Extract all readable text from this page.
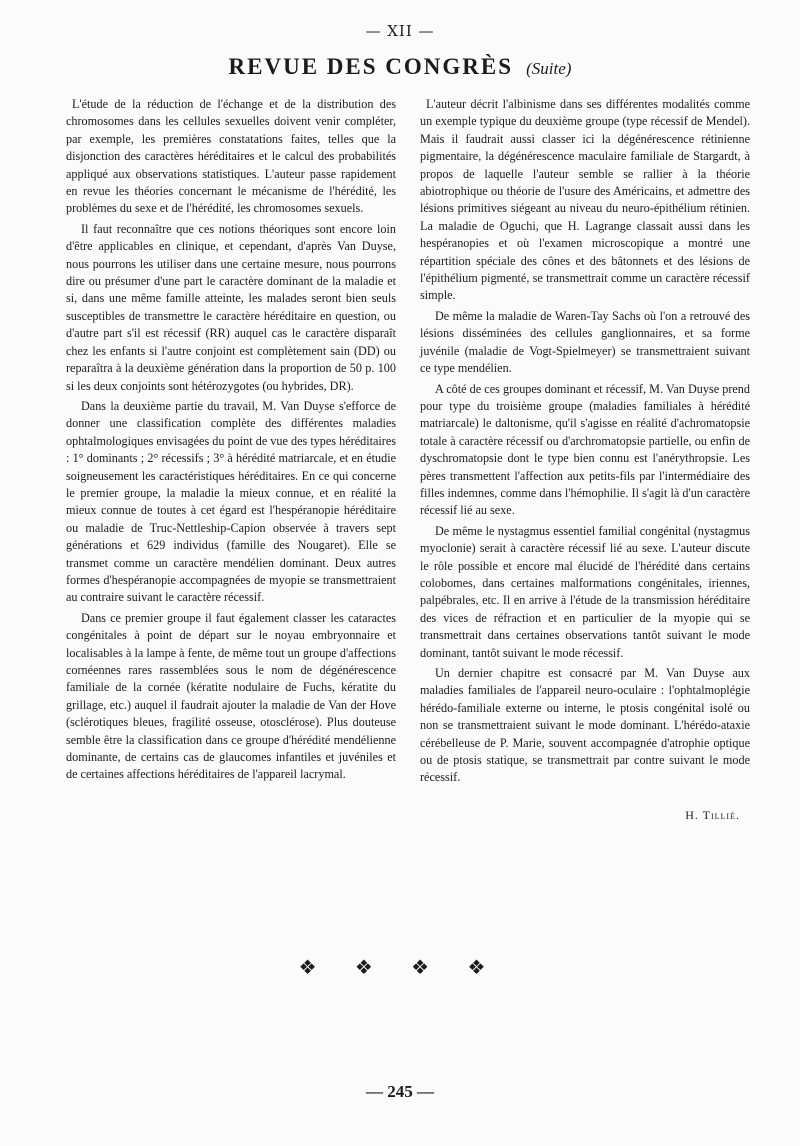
— XII —
REVUE DES CONGRÈS (Suite)

L'étude de la réduction de l'échange et de la distribution des chromosomes dans les cellules sexuelles doivent venir compléter, par exemple, les premières constatations faites, telles que la disjonction des caractères héréditaires et le calcul des probabilités appliqué aux observations statistiques. L'auteur passe rapidement en revue les théories concernant le mécanisme de l'hérédité, les problèmes du sexe et de l'hérédité, les chromosomes sexuels.

Il faut reconnaître que ces notions théoriques sont encore loin d'être applicables en clinique, et cependant, d'après Van Duyse, nous pourrons les utiliser dans une certaine mesure, nous pourrons dire ou présumer d'une part le caractère dominant de la maladie et si, dans une même famille atteinte, les malades seront bien seuls susceptibles de transmettre le caractère héréditaire en question, ou d'autre part s'il est récessif (RR) auquel cas le caractère disparaît chez les enfants si l'autre conjoint est complètement sain (DD) ou reparaîtra à la deuxième génération dans la proportion de 50 p. 100 si les deux conjoints sont hétérozygotes (ou hybrides, DR).

Dans la deuxième partie du travail, M. Van Duyse s'efforce de donner une classification complète des différentes maladies ophtalmologiques envisagées du point de vue des types héréditaires : 1° dominants ; 2° récessifs ; 3° à hérédité matriarcale, et en étudie soigneusement les caractéristiques héréditaires. En ce qui concerne le premier groupe, la maladie la mieux connue, et en réalité la mieux connue de toutes à cet égard est l'hespéranopie héréditaire ou maladie de Truc-Nettleship-Capion observée à travers sept générations et 629 individus (famille des Nougaret). Elle se transmet comme un caractère mendélien dominant. Deux autres formes d'hespéranopie accompagnées de myopie se transmettraient au contraire suivant le caractère récessif.

Dans ce premier groupe il faut également classer les cataractes congénitales à point de départ sur le noyau embryonnaire et localisables à la lampe à fente, de même tout un groupe d'affections cornéennes rares rassemblées sous le nom de dégénérescence familiale de la cornée (kératite nodulaire de Fuchs, kératite du grillage, etc.) auquel il faudrait ajouter la maladie de Van der Hove (sclérotiques bleues, fragilité osseuse, otosclérose). Plus douteuse semble être la classification dans ce groupe d'hérédité mendélienne dominante, de certains cas de glaucomes infantiles et juvéniles et de certaines affections héréditaires de l'appareil lacrymal.

L'auteur décrit l'albinisme dans ses différentes modalités comme un exemple typique du deuxième groupe (type récessif de Mendel). Mais il faudrait aussi classer ici la dégénérescence rétinienne pigmentaire, la dégénérescence maculaire familiale de Stargardt, à propos de laquelle l'auteur semble se rallier à la théorie abiotrophique ou théorie de l'usure des Américains, et admettre des lésions primitives siégeant au niveau du neuro-épithélium rétinien. La maladie de Oguchi, que H. Lagrange classait aussi dans les hespéranopies et où l'examen microscopique a montré une répartition spéciale des cônes et des bâtonnets et des lésions de l'épithélium pigmenté, se transmettrait comme un caractère récessif simple.

De même la maladie de Waren-Tay Sachs où l'on a retrouvé des lésions disséminées des cellules ganglionnaires, et sa forme juvénile (maladie de Vogt-Spielmeyer) se transmettraient suivant ce type mendélien.

A côté de ces groupes dominant et récessif, M. Van Duyse prend pour type du troisième groupe (maladies familiales à hérédité matriarcale) le daltonisme, qu'il s'agisse en réalité d'achromatopsie totale à caractère récessif ou d'archromatopsie partielle, ou enfin de dyschromatopsie dont le type bien connu est l'anérythropsie. Les pères transmettent l'affection aux petits-fils par l'intermédiaire des filles indemnes, comme dans l'hémophilie. Il s'agit là d'un caractère récessif lié au sexe.

De même le nystagmus essentiel familial congénital (nystagmus myoclonie) serait à caractère récessif lié au sexe. L'auteur discute le rôle possible et encore mal élucidé de l'hérédité dans certains colobomes, dans certaines malformations congénitales, iriennes, palpébrales, etc. Il en arrive à l'étude de la transmission héréditaire des vices de réfraction et en particulier de la myopie qui se transmettrait dans certaines observations tantôt suivant le mode dominant, tantôt suivant le mode récessif.

Un dernier chapitre est consacré par M. Van Duyse aux maladies familiales de l'appareil neuro-oculaire : l'ophtalmoplégie hérédo-familiale externe ou interne, le ptosis congénital isolé ou non se transmettraient suivant le mode dominant. L'hérédo-ataxie cérébelleuse de P. Marie, souvent accompagnée d'atrophie optique ou de ptosis statique, se transmettrait par contre suivant le mode récessif.

H. Tillié.
❖ ❖ ❖ ❖
— 245 —
